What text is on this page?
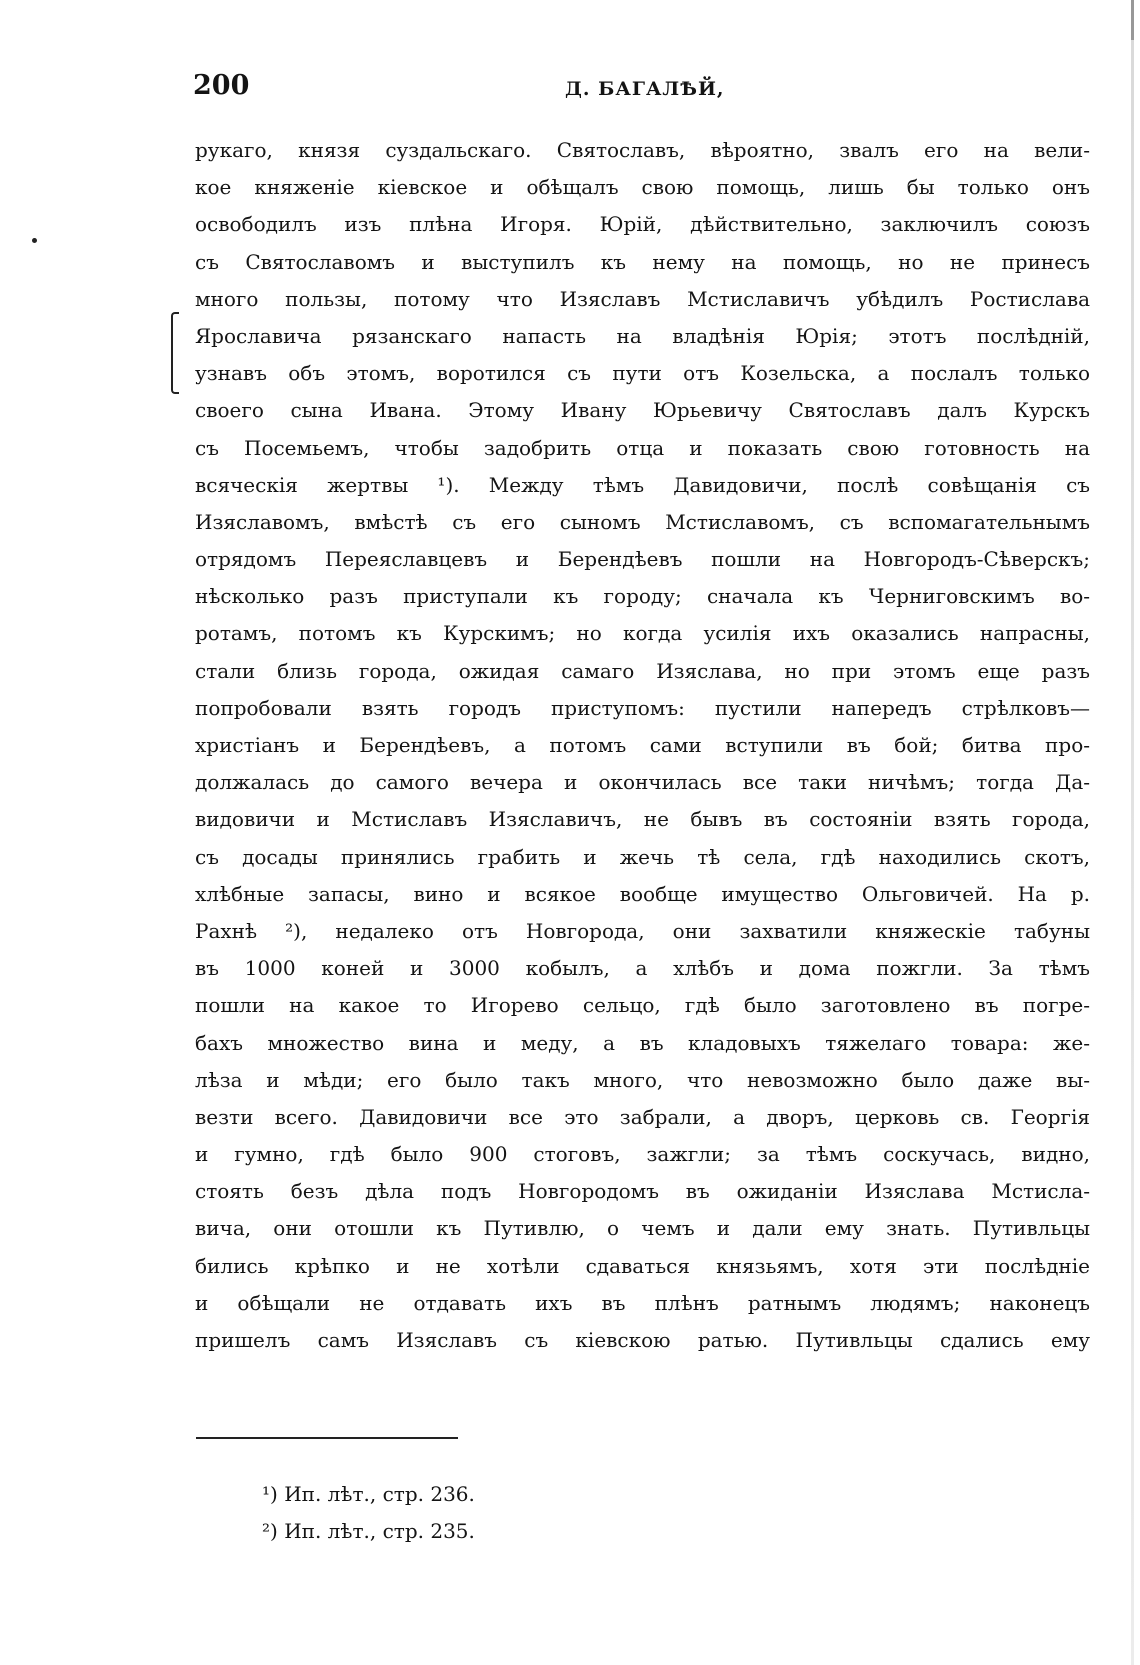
200	Д. БАГАЛѢЙ,
рукаго, князя суздальскаго. Святославъ, вѣроятно, звалъ его на вели-
кое княженіе кіевское и обѣщалъ свою помощь, лишь бы только онъ
освободилъ изъ плѣна Игоря. Юрій, дѣйствительно, заключилъ союзъ
съ Святославомъ и выступилъ къ нему на помощь, но не принесъ
много пользы, потому что Изяславъ Мстиславичъ убѣдилъ Ростислава
Ярославича рязанскаго напасть на владѣнія Юрія; этотъ послѣдній,
узнавъ объ этомъ, воротился съ пути отъ Козельска, а послалъ только
своего сына Ивана. Этому Ивану Юрьевичу Святославъ далъ Курскъ
съ Посемьемъ, чтобы задобрить отца и показать свою готовность на
всяческія жертвы ¹). Между тѣмъ Давидовичи, послѣ совѣщанія съ
Изяславомъ, вмѣстѣ съ его сыномъ Мстиславомъ, съ вспомагательнымъ
отрядомъ Переяславцевъ и Берендѣевъ пошли на Новгородъ-Сѣверскъ;
нѣсколько разъ приступали къ городу; сначала къ Черниговскимъ во-
ротамъ, потомъ къ Курскимъ; но когда усилія ихъ оказались напрасны,
стали близь города, ожидая самаго Изяслава, но при этомъ еще разъ
попробовали взять городъ приступомъ: пустили напередъ стрѣлковъ—
христіанъ и Берендѣевъ, а потомъ сами вступили въ бой; битва про-
должалась до самого вечера и окончилась все таки ничѣмъ; тогда Да-
видовичи и Мстиславъ Изяславичъ, не бывъ въ состояніи взять города,
съ досады принялись грабить и жечь тѣ села, гдѣ находились скотъ,
хлѣбные запасы, вино и всякое вообще имущество Ольговичей. На р.
Рахнѣ ²), недалеко отъ Новгорода, они захватили княжескіе табуны
въ 1000 коней и 3000 кобылъ, а хлѣбъ и дома пожгли. За тѣмъ
пошли на какое то Игорево сельцо, гдѣ было заготовлено въ погре-
бахъ множество вина и меду, а въ кладовыхъ тяжелаго товара: же-
лѣза и мѣди; его было такъ много, что невозможно было даже вы-
везти всего. Давидовичи все это забрали, а дворъ, церковь св. Георгія
и гумно, гдѣ было 900 стоговъ, зажгли; за тѣмъ соскучась, видно,
стоять безъ дѣла подъ Новгородомъ въ ожиданіи Изяслава Мстисла-
вича, они отошли къ Путивлю, о чемъ и дали ему знать. Путивльцы
бились крѣпко и не хотѣли сдаваться князьямъ, хотя эти послѣдніе
и обѣщали не отдавать ихъ въ плѣнъ ратнымъ людямъ; наконецъ
пришелъ самъ Изяславъ съ кіевскою ратью. Путивльцы сдались ему
¹) Ип. лѣт., стр. 236.
²) Ип. лѣт., стр. 235.
